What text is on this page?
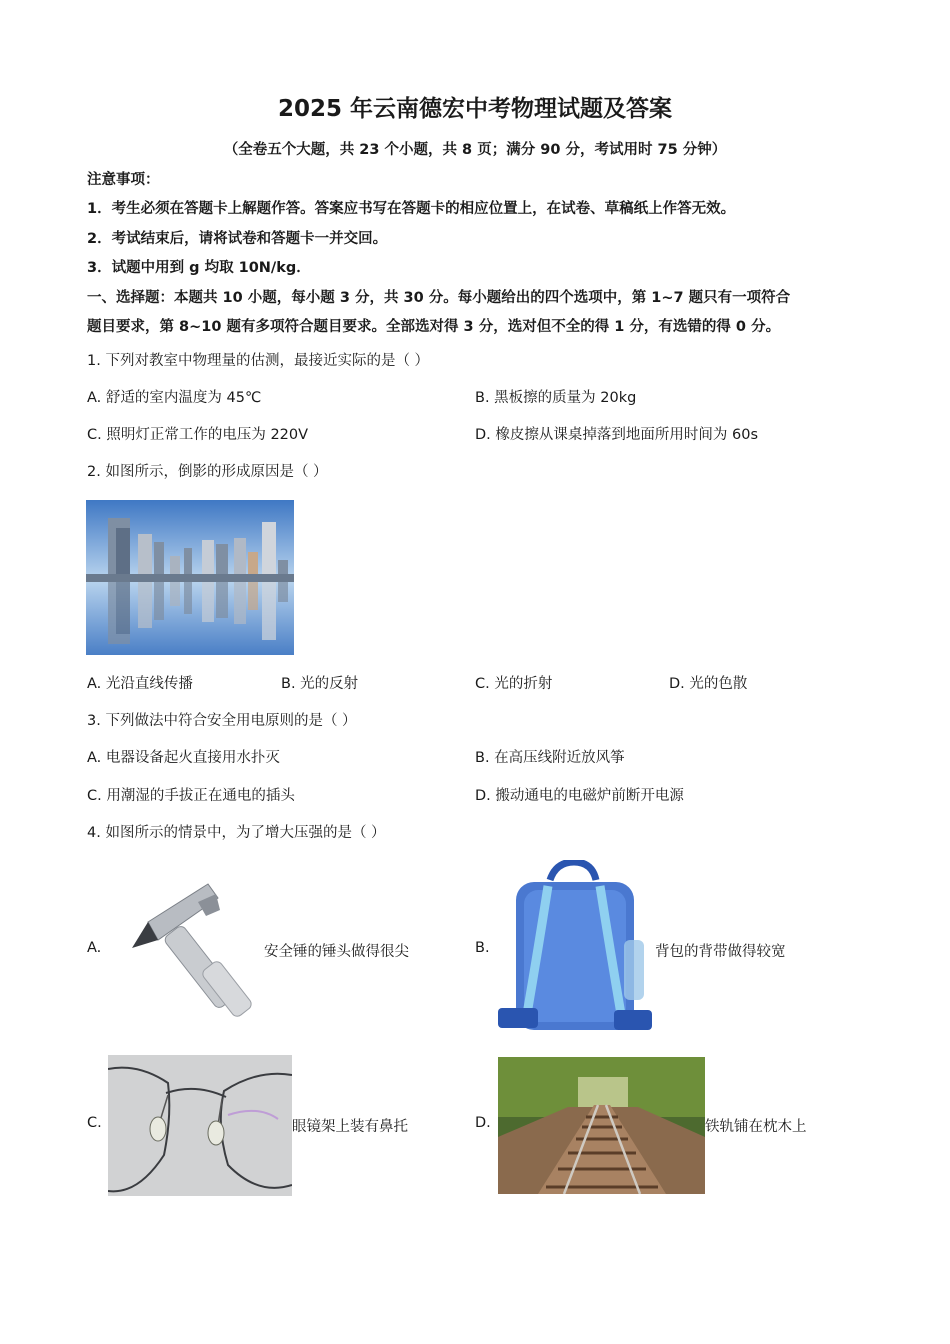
2025 年云南德宏中考物理试题及答案
（全卷五个大题，共 23 个小题，共 8 页；满分 90 分，考试用时 75 分钟）
注意事项：
1．考生必须在答题卡上解题作答。答案应书写在答题卡的相应位置上，在试卷、草稿纸上作答无效。
2．考试结束后，请将试卷和答题卡一并交回。
3．试题中用到 g 均取 10N/kg．
一、选择题：本题共 10 小题，每小题 3 分，共 30 分。每小题给出的四个选项中，第 1~7 题只有一项符合
题目要求，第 8~10 题有多项符合题目要求。全部选对得 3 分，选对但不全的得 1 分，有选错的得 0 分。
1. 下列对教室中物理量的估测，最接近实际的是（ ）
A. 舒适的室内温度为 45℃	B. 黑板擦的质量为 20kg
C. 照明灯正常工作的电压为 220V	D. 橡皮擦从课桌掉落到地面所用时间为 60s
2. 如图所示，倒影的形成原因是（ ）
A. 光沿直线传播	B. 光的反射	C. 光的折射	D. 光的色散
3. 下列做法中符合安全用电原则的是（ ）
A. 电器设备起火直接用水扑灭	B. 在高压线附近放风筝
C. 用潮湿的手拔正在通电的插头	D. 搬动通电的电磁炉前断开电源
4. 如图所示的情景中，为了增大压强的是（ ）
A.	安全锤的锤头做得很尖	B.	背包的背带做得较宽
C.	眼镜架上装有鼻托	D.	铁轨铺在枕木上
